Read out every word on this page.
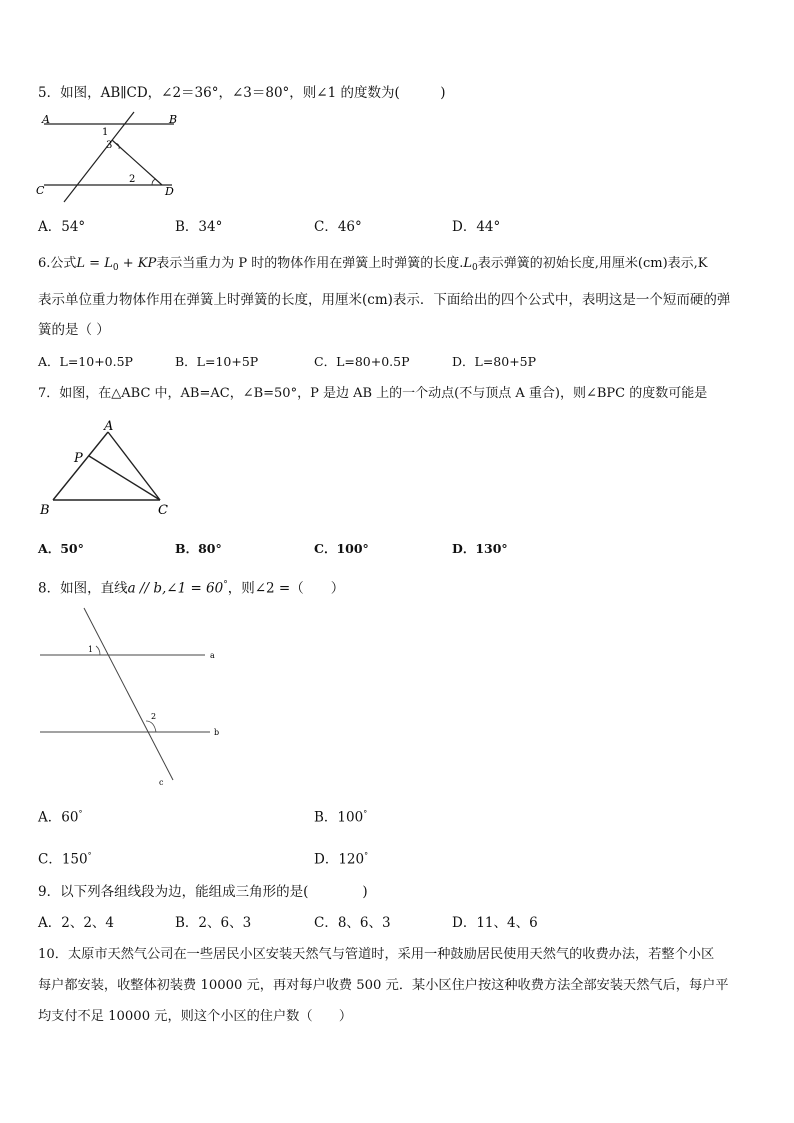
5．如图，AB∥CD，∠2＝36°，∠3＝80°，则∠1 的度数为(　　　)
A	B
C	D
1
2
3
A．54°	B．34°	C．46°	D．44°
6.公式$L = L_0$ + KP表示当重力为 P 时的物体作用在弹簧上时弹簧的长度$.L_0$表示弹簧的初始长度,用厘米(cm)表示,K
表示单位重力物体作用在弹簧上时弹簧的长度，用厘米(cm)表示．下面给出的四个公式中，表明这是一个短而硬的弹
簧的是（ ）
A．L=10+0.5P	B．L=10+5P	C．L=80+0.5P	D．L=80+5P
7．如图，在△ABC 中，AB=AC，∠B=50°，P 是边 AB 上的一个动点(不与顶点 A 重合)，则∠BPC 的度数可能是
A
B	C
P
A．50°	B．80°	C．100°	D．130°
8．如图，直线a // b,∠1 = 60°，则∠2 =（　　）
a
b
c
1
2
A．60°	B．100°
C．150°	D．120°
9．以下列各组线段为边，能组成三角形的是(　　　　)
A．2、2、4	B．2、6、3	C．8、6、3	D．11、4、6
10．太原市天然气公司在一些居民小区安装天然气与管道时，采用一种鼓励居民使用天然气的收费办法，若整个小区
每户都安装，收整体初装费 10000 元，再对每户收费 500 元．某小区住户按这种收费方法全部安装天然气后，每户平
均支付不足 10000 元，则这个小区的住户数（　　）
